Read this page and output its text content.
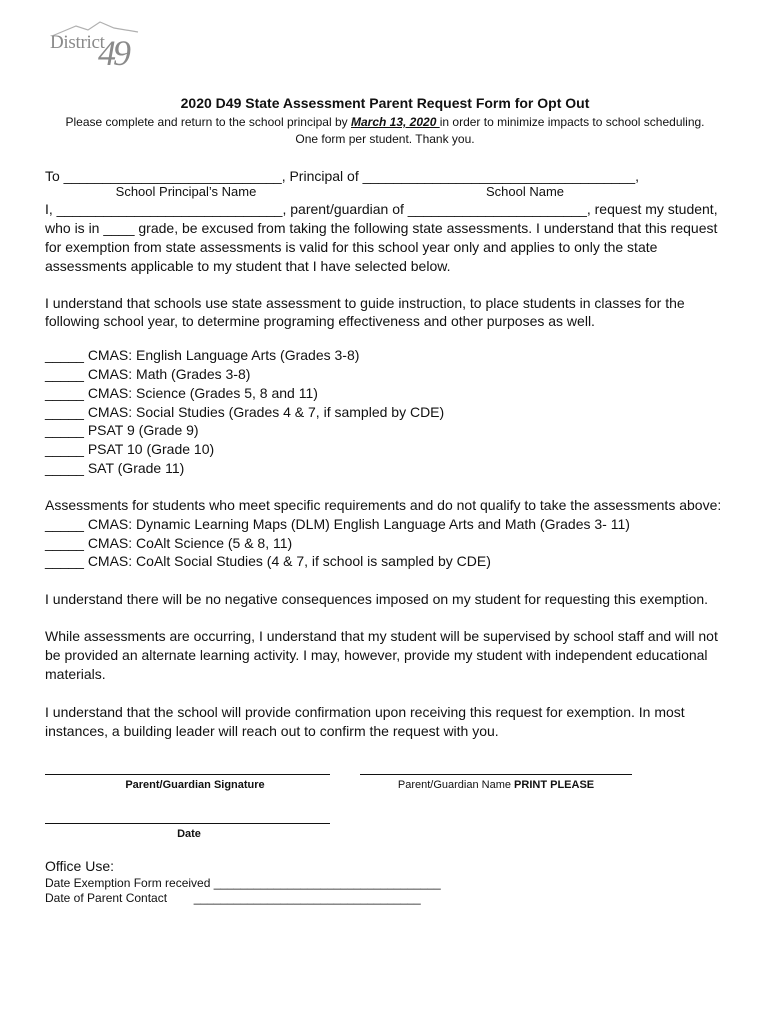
District
49
2020 D49 State Assessment Parent Request Form for Opt Out
Please complete and return to the school principal by March 13, 2020 in order to minimize impacts to school scheduling.
One form per student. Thank you.
To ____________________________, Principal of ___________________________________,
School Principal’s Name	School Name
I, _____________________________, parent/guardian of _______________________, request my student,
who is in ____ grade, be excused from taking the following state assessments. I understand that this request
for exemption from state assessments is valid for this school year only and applies to only the state
assessments applicable to my student that I have selected below.
I understand that schools use state assessment to guide instruction, to place students in classes for the
following school year, to determine programing effectiveness and other purposes as well.
_____ CMAS: English Language Arts (Grades 3-8)
_____ CMAS: Math (Grades 3-8)
_____ CMAS: Science (Grades 5, 8 and 11)
_____ CMAS: Social Studies (Grades 4 & 7, if sampled by CDE)
_____ PSAT 9 (Grade 9)
_____ PSAT 10 (Grade 10)
_____ SAT (Grade 11)
Assessments for students who meet specific requirements and do not qualify to take the assessments above:
_____ CMAS: Dynamic Learning Maps (DLM) English Language Arts and Math (Grades 3- 11)
_____ CMAS: CoAlt Science (5 & 8, 11)
_____ CMAS: CoAlt Social Studies (4 & 7, if school is sampled by CDE)
I understand there will be no negative consequences imposed on my student for requesting this exemption.
While assessments are occurring, I understand that my student will be supervised by school staff and will not
be provided an alternate learning activity. I may, however, provide my student with independent educational
materials.
I understand that the school will provide confirmation upon receiving this request for exemption. In most
instances, a building leader will reach out to confirm the request with you.
Parent/Guardian Signature	Parent/Guardian Name PRINT PLEASE
Date
Office Use:
Date Exemption Form received __________________________________
Date of Parent Contact        __________________________________
